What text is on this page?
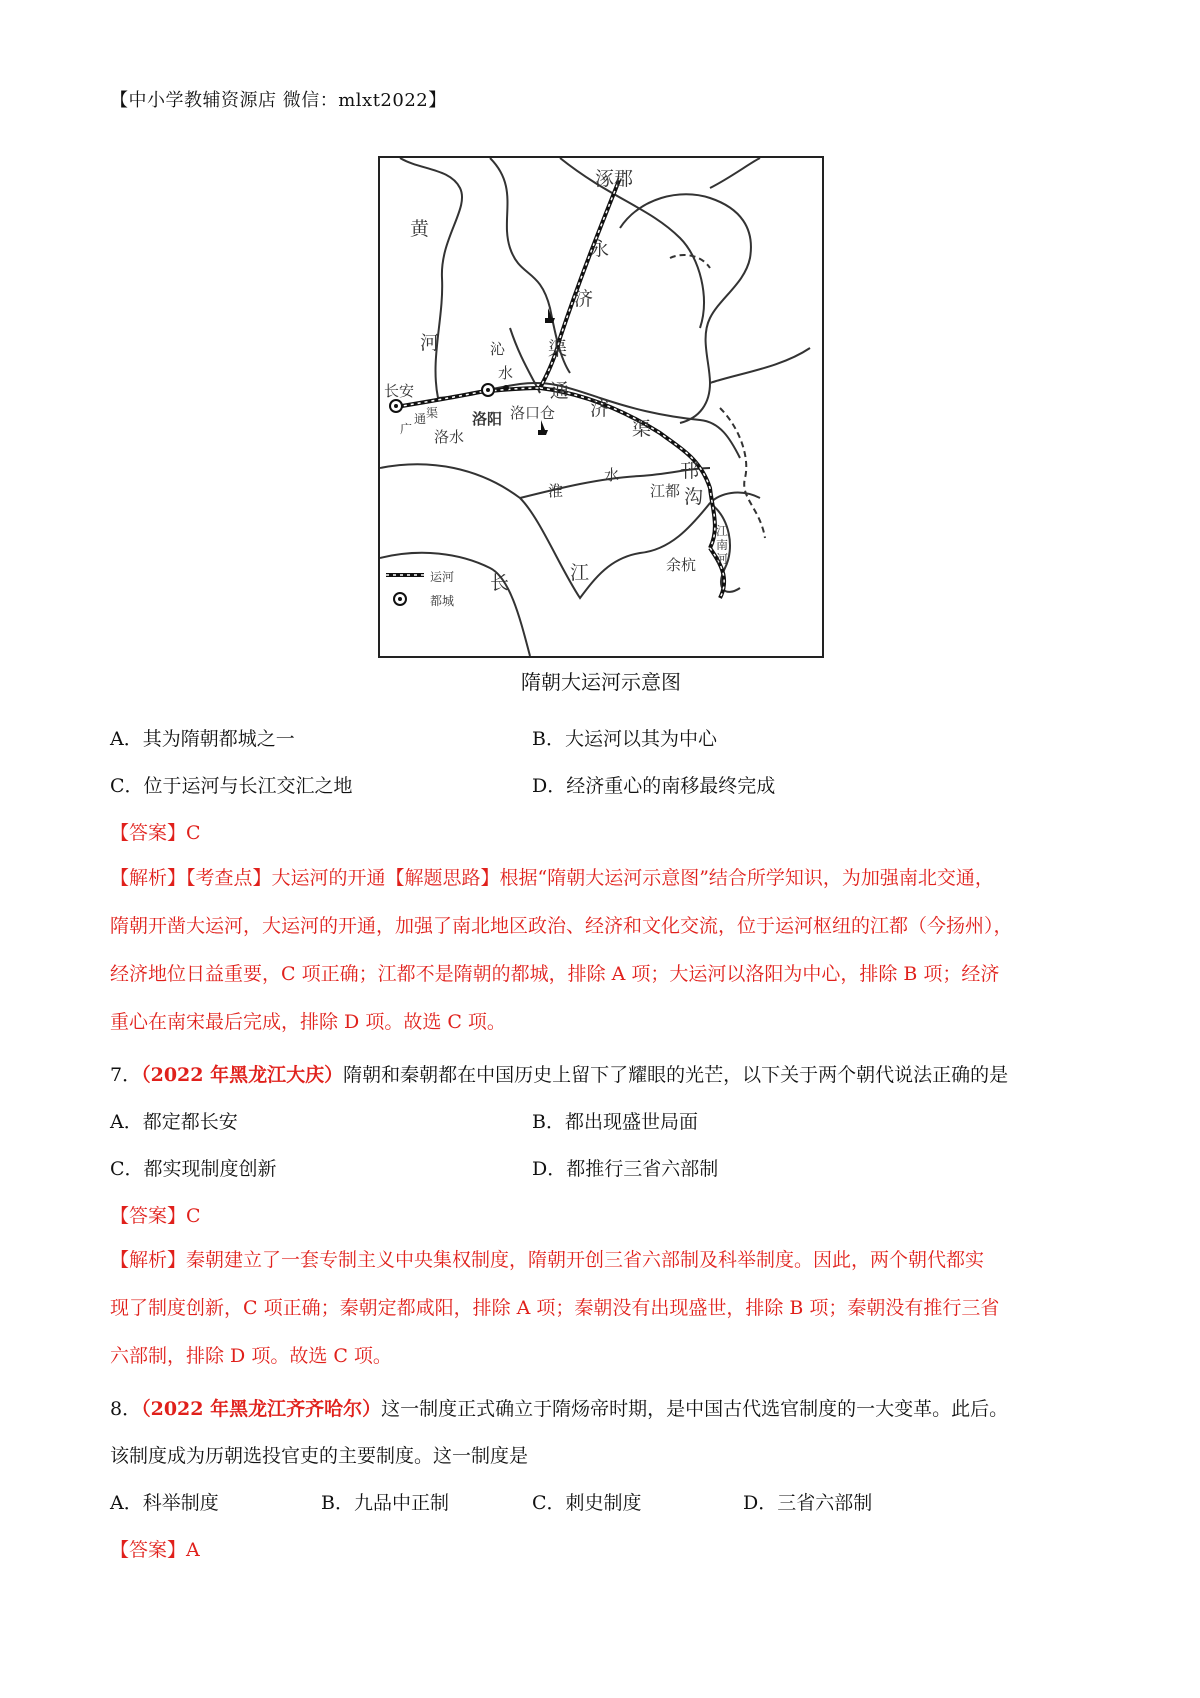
【中小学教辅资源店 微信：mlxt2022】
涿郡
黄
河
永
济
渠
沁
水
长安
广
通 渠
洛水
洛阳 洛口仓
通
济
渠
邗
沟
淮
水
江都
江南河
长	江	余杭
运河
都城
隋朝大运河示意图
A．其为隋朝都城之一	B．大运河以其为中心
C．位于运河与长江交汇之地	D．经济重心的南移最终完成
【答案】C
【解析】【考查点】大运河的开通【解题思路】根据“隋朝大运河示意图”结合所学知识，为加强南北交通，
隋朝开凿大运河，大运河的开通，加强了南北地区政治、经济和文化交流，位于运河枢纽的江都（今扬州），
经济地位日益重要，C 项正确；江都不是隋朝的都城，排除 A 项；大运河以洛阳为中心，排除 B 项；经济
重心在南宋最后完成，排除 D 项。故选 C 项。
7．（2022 年黑龙江大庆）隋朝和秦朝都在中国历史上留下了耀眼的光芒，以下关于两个朝代说法正确的是
A．都定都长安	B．都出现盛世局面
C．都实现制度创新	D．都推行三省六部制
【答案】C
【解析】秦朝建立了一套专制主义中央集权制度，隋朝开创三省六部制及科举制度。因此，两个朝代都实
现了制度创新，C 项正确；秦朝定都咸阳，排除 A 项；秦朝没有出现盛世，排除 B 项；秦朝没有推行三省
六部制，排除 D 项。故选 C 项。
8．（2022 年黑龙江齐齐哈尔）这一制度正式确立于隋炀帝时期，是中国古代选官制度的一大变革。此后。
该制度成为历朝选投官吏的主要制度。这一制度是
A．科举制度	B．九品中正制	C．刺史制度	D．三省六部制
【答案】A
